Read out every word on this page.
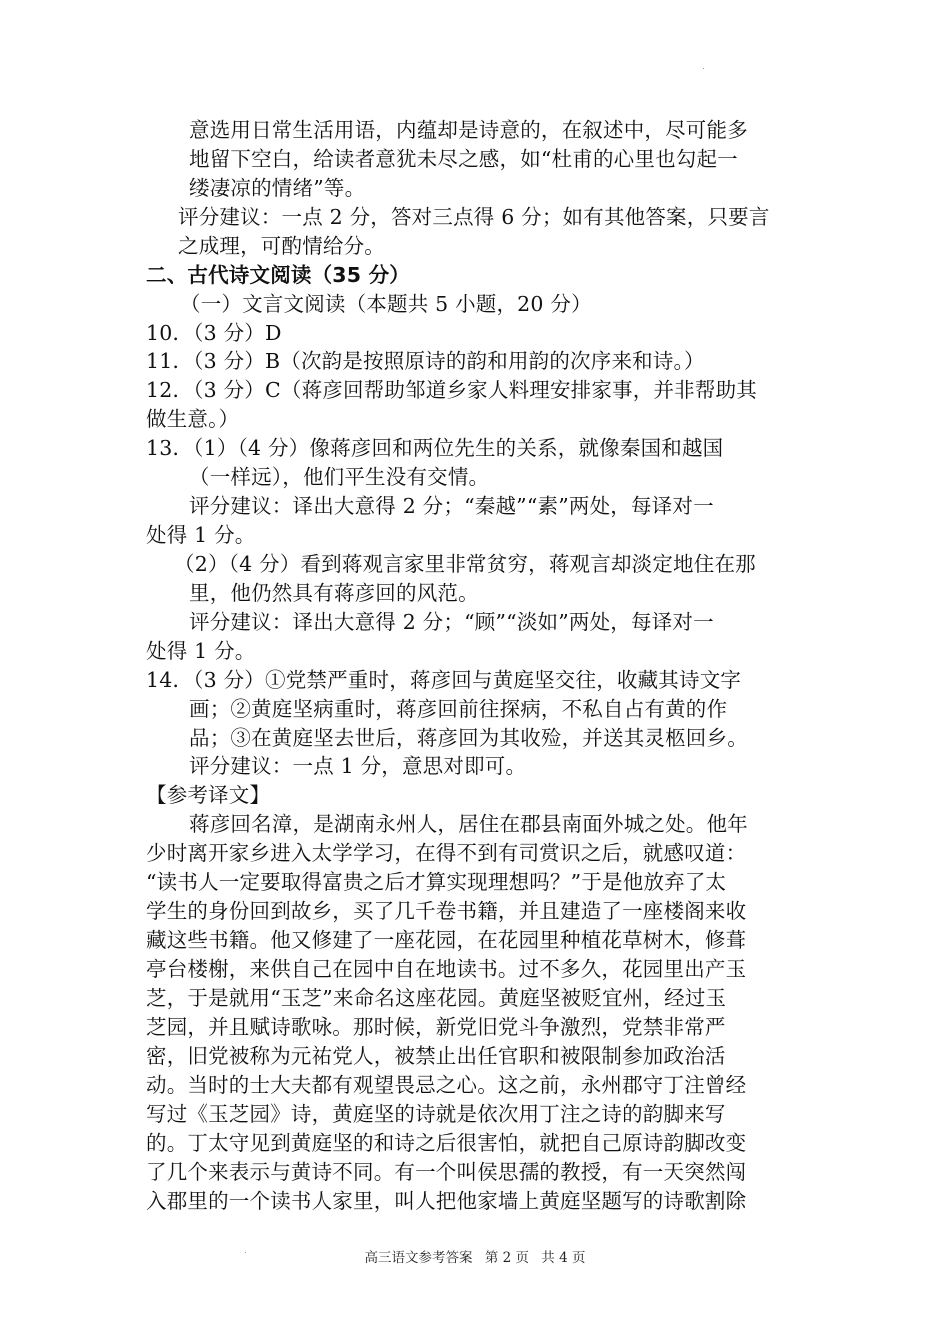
意选用日常生活用语，内蕴却是诗意的，在叙述中，尽可能多
地留下空白，给读者意犹未尽之感，如“杜甫的心里也勾起一
缕凄凉的情绪”等。
评分建议：一点 2 分，答对三点得 6 分；如有其他答案，只要言
之成理，可酌情给分。
二、古代诗文阅读（35 分）
（一）文言文阅读（本题共 5 小题，20 分）
10．（3 分）D
11．（3 分）B（次韵是按照原诗的韵和用韵的次序来和诗。）
12．（3 分）C（蒋彦回帮助邹道乡家人料理安排家事，并非帮助其
做生意。）
13．（1）（4 分）像蒋彦回和两位先生的关系，就像秦国和越国
（一样远），他们平生没有交情。
评分建议：译出大意得 2 分；“秦越”“素”两处，每译对一
处得 1 分。
（2）（4 分）看到蒋观言家里非常贫穷，蒋观言却淡定地住在那
里，他仍然具有蒋彦回的风范。
评分建议：译出大意得 2 分；“顾”“淡如”两处，每译对一
处得 1 分。
14．（3 分）①党禁严重时，蒋彦回与黄庭坚交往，收藏其诗文字
画；②黄庭坚病重时，蒋彦回前往探病，不私自占有黄的作
品；③在黄庭坚去世后，蒋彦回为其收殓，并送其灵柩回乡。
评分建议：一点 1 分，意思对即可。
【参考译文】
蒋彦回名漳，是湖南永州人，居住在郡县南面外城之处。他年
少时离开家乡进入太学学习，在得不到有司赏识之后，就感叹道：
“读书人一定要取得富贵之后才算实现理想吗？”于是他放弃了太
学生的身份回到故乡，买了几千卷书籍，并且建造了一座楼阁来收
藏这些书籍。他又修建了一座花园，在花园里种植花草树木，修葺
亭台楼榭，来供自己在园中自在地读书。过不多久，花园里出产玉
芝，于是就用“玉芝”来命名这座花园。黄庭坚被贬宜州，经过玉
芝园，并且赋诗歌咏。那时候，新党旧党斗争激烈，党禁非常严
密，旧党被称为元祐党人，被禁止出任官职和被限制参加政治活
动。当时的士大夫都有观望畏忌之心。这之前，永州郡守丁注曾经
写过《玉芝园》诗，黄庭坚的诗就是依次用丁注之诗的韵脚来写
的。丁太守见到黄庭坚的和诗之后很害怕，就把自己原诗韵脚改变
了几个来表示与黄诗不同。有一个叫侯思孺的教授，有一天突然闯
入郡里的一个读书人家里，叫人把他家墙上黄庭坚题写的诗歌割除
高三语文参考答案 第 2 页 共 4 页
